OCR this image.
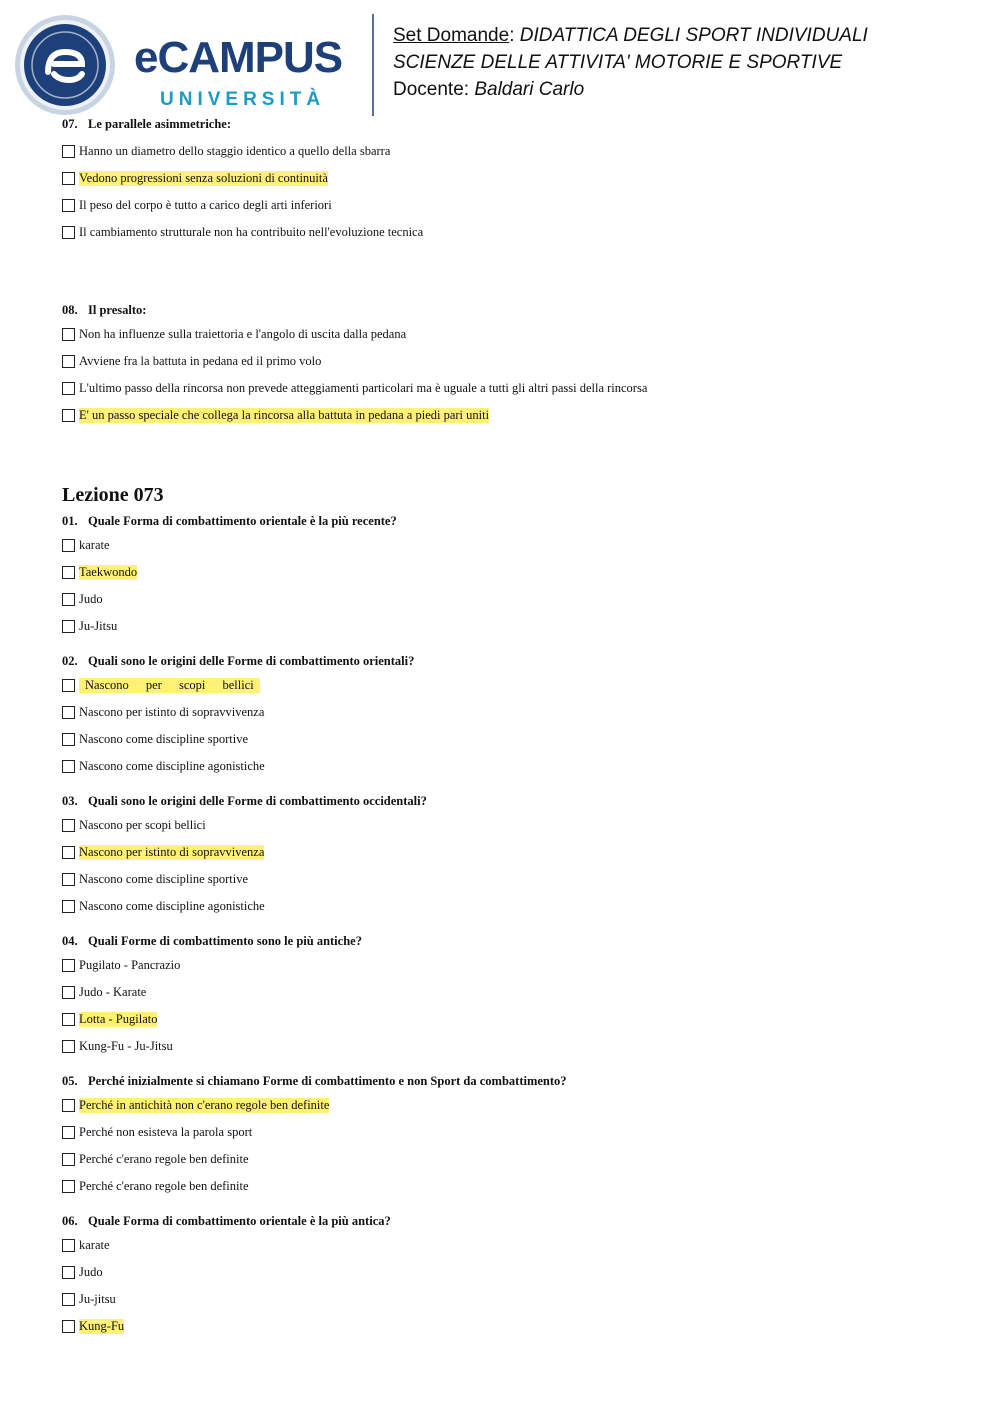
eCAMPUS
UNIVERSITÀ
Set Domande: DIDATTICA DEGLI SPORT INDIVIDUALI
SCIENZE DELLE ATTIVITA' MOTORIE E SPORTIVE
Docente: Baldari Carlo

07. Le parallele asimmetriche:

Hanno un diametro dello staggio identico a quello della sbarra
Vedono progressioni senza soluzioni di continuità
Il peso del corpo è tutto a carico degli arti inferiori
Il cambiamento strutturale non ha contribuito nell'evoluzione tecnica

08. Il presalto:

Non ha influenze sulla traiettoria e l'angolo di uscita dalla pedana
Avviene fra la battuta in pedana ed il primo volo
L'ultimo passo della rincorsa non prevede atteggiamenti particolari ma è uguale a tutti gli altri passi della rincorsa
E' un passo speciale che collega la rincorsa alla battuta in pedana a piedi pari uniti
Lezione 073

01. Quale Forma di combattimento orientale è la più recente?

karate
Taekwondo
Judo
Ju-Jitsu

02. Quali sono le origini delle Forme di combattimento orientali?

Nascono per scopi bellici
Nascono per istinto di sopravvivenza
Nascono come discipline sportive
Nascono come discipline agonistiche

03. Quali sono le origini delle Forme di combattimento occidentali?

Nascono per scopi bellici
Nascono per istinto di sopravvivenza
Nascono come discipline sportive
Nascono come discipline agonistiche

04. Quali Forme di combattimento sono le più antiche?

Pugilato - Pancrazio
Judo - Karate
Lotta - Pugilato
Kung-Fu - Ju-Jitsu

05. Perché inizialmente si chiamano Forme di combattimento e non Sport da combattimento?

Perché in antichità non c'erano regole ben definite
Perché non esisteva la parola sport
Perché c'erano regole ben definite
Perché c'erano regole ben definite

06. Quale Forma di combattimento orientale è la più antica?

karate
Judo
Ju-jitsu
Kung-Fu
